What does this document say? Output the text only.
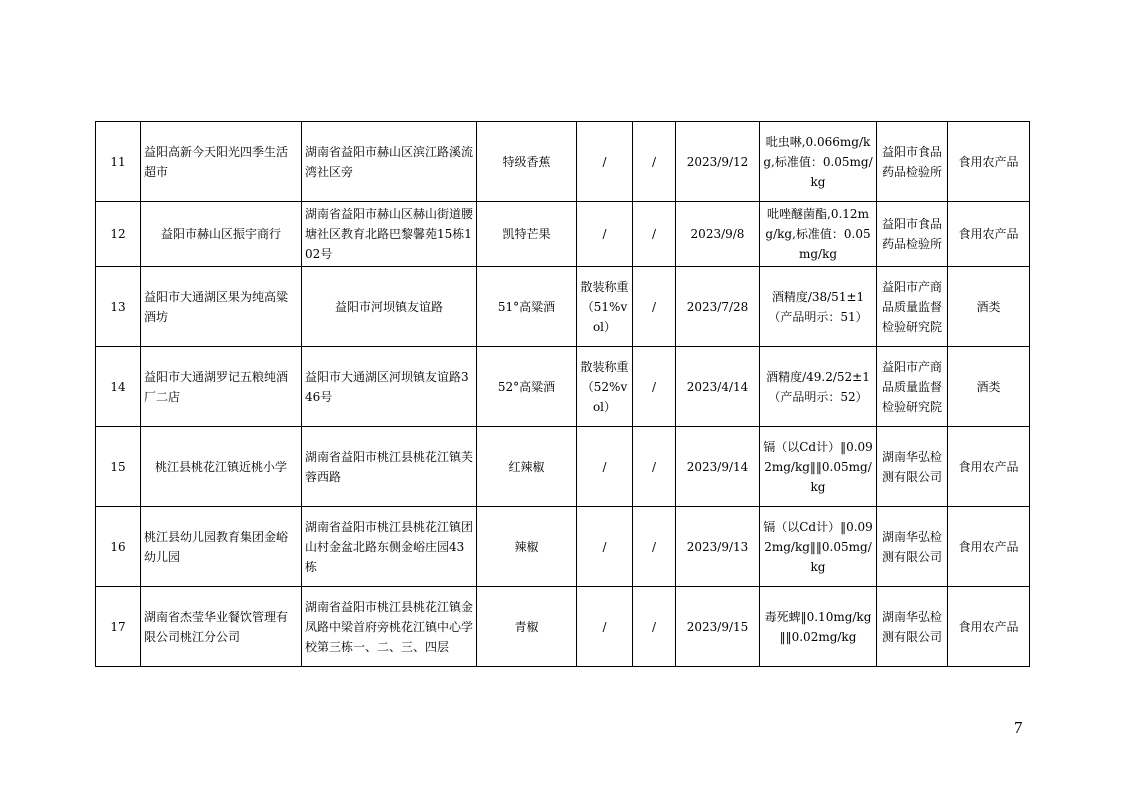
11	益阳高新今天阳光四季生活超市	湖南省益阳市赫山区滨江路溪流湾社区旁	特级香蕉	/	/	2023/9/12	吡虫啉,0.066mg/kg,标准值：0.05mg/kg	益阳市食品药品检验所	食用农产品
12	益阳市赫山区振宇商行	湖南省益阳市赫山区赫山街道腰塘社区教育北路巴黎馨苑15栋102号	凯特芒果	/	/	2023/9/8	吡唑醚菌酯,0.12mg/kg,标准值：0.05mg/kg	益阳市食品药品检验所	食用农产品
13	益阳市大通湖区果为纯高粱酒坊	益阳市河坝镇友谊路	51°高粱酒	散装称重（51%vol）	/	2023/7/28	酒精度/38/51±1（产品明示：51）	益阳市产商品质量监督检验研究院	酒类
14	益阳市大通湖罗记五粮纯酒厂二店	益阳市大通湖区河坝镇友谊路346号	52°高粱酒	散装称重（52%vol）	/	2023/4/14	酒精度/49.2/52±1（产品明示：52）	益阳市产商品质量监督检验研究院	酒类
15	桃江县桃花江镇近桃小学	湖南省益阳市桃江县桃花江镇芙蓉西路	红辣椒	/	/	2023/9/14	镉（以Cd计）‖0.092mg/kg‖‖0.05mg/kg	湖南华弘检测有限公司	食用农产品
16	桃江县幼儿园教育集团金峪幼儿园	湖南省益阳市桃江县桃花江镇团山村金盆北路东侧金峪庄园43栋	辣椒	/	/	2023/9/13	镉（以Cd计）‖0.092mg/kg‖‖0.05mg/kg	湖南华弘检测有限公司	食用农产品
17	湖南省杰莹华业餐饮管理有限公司桃江分公司	湖南省益阳市桃江县桃花江镇金凤路中梁首府旁桃花江镇中心学校第三栋一、二、三、四层	青椒	/	/	2023/9/15	毒死蜱‖0.10mg/kg‖‖0.02mg/kg	湖南华弘检测有限公司	食用农产品
7
